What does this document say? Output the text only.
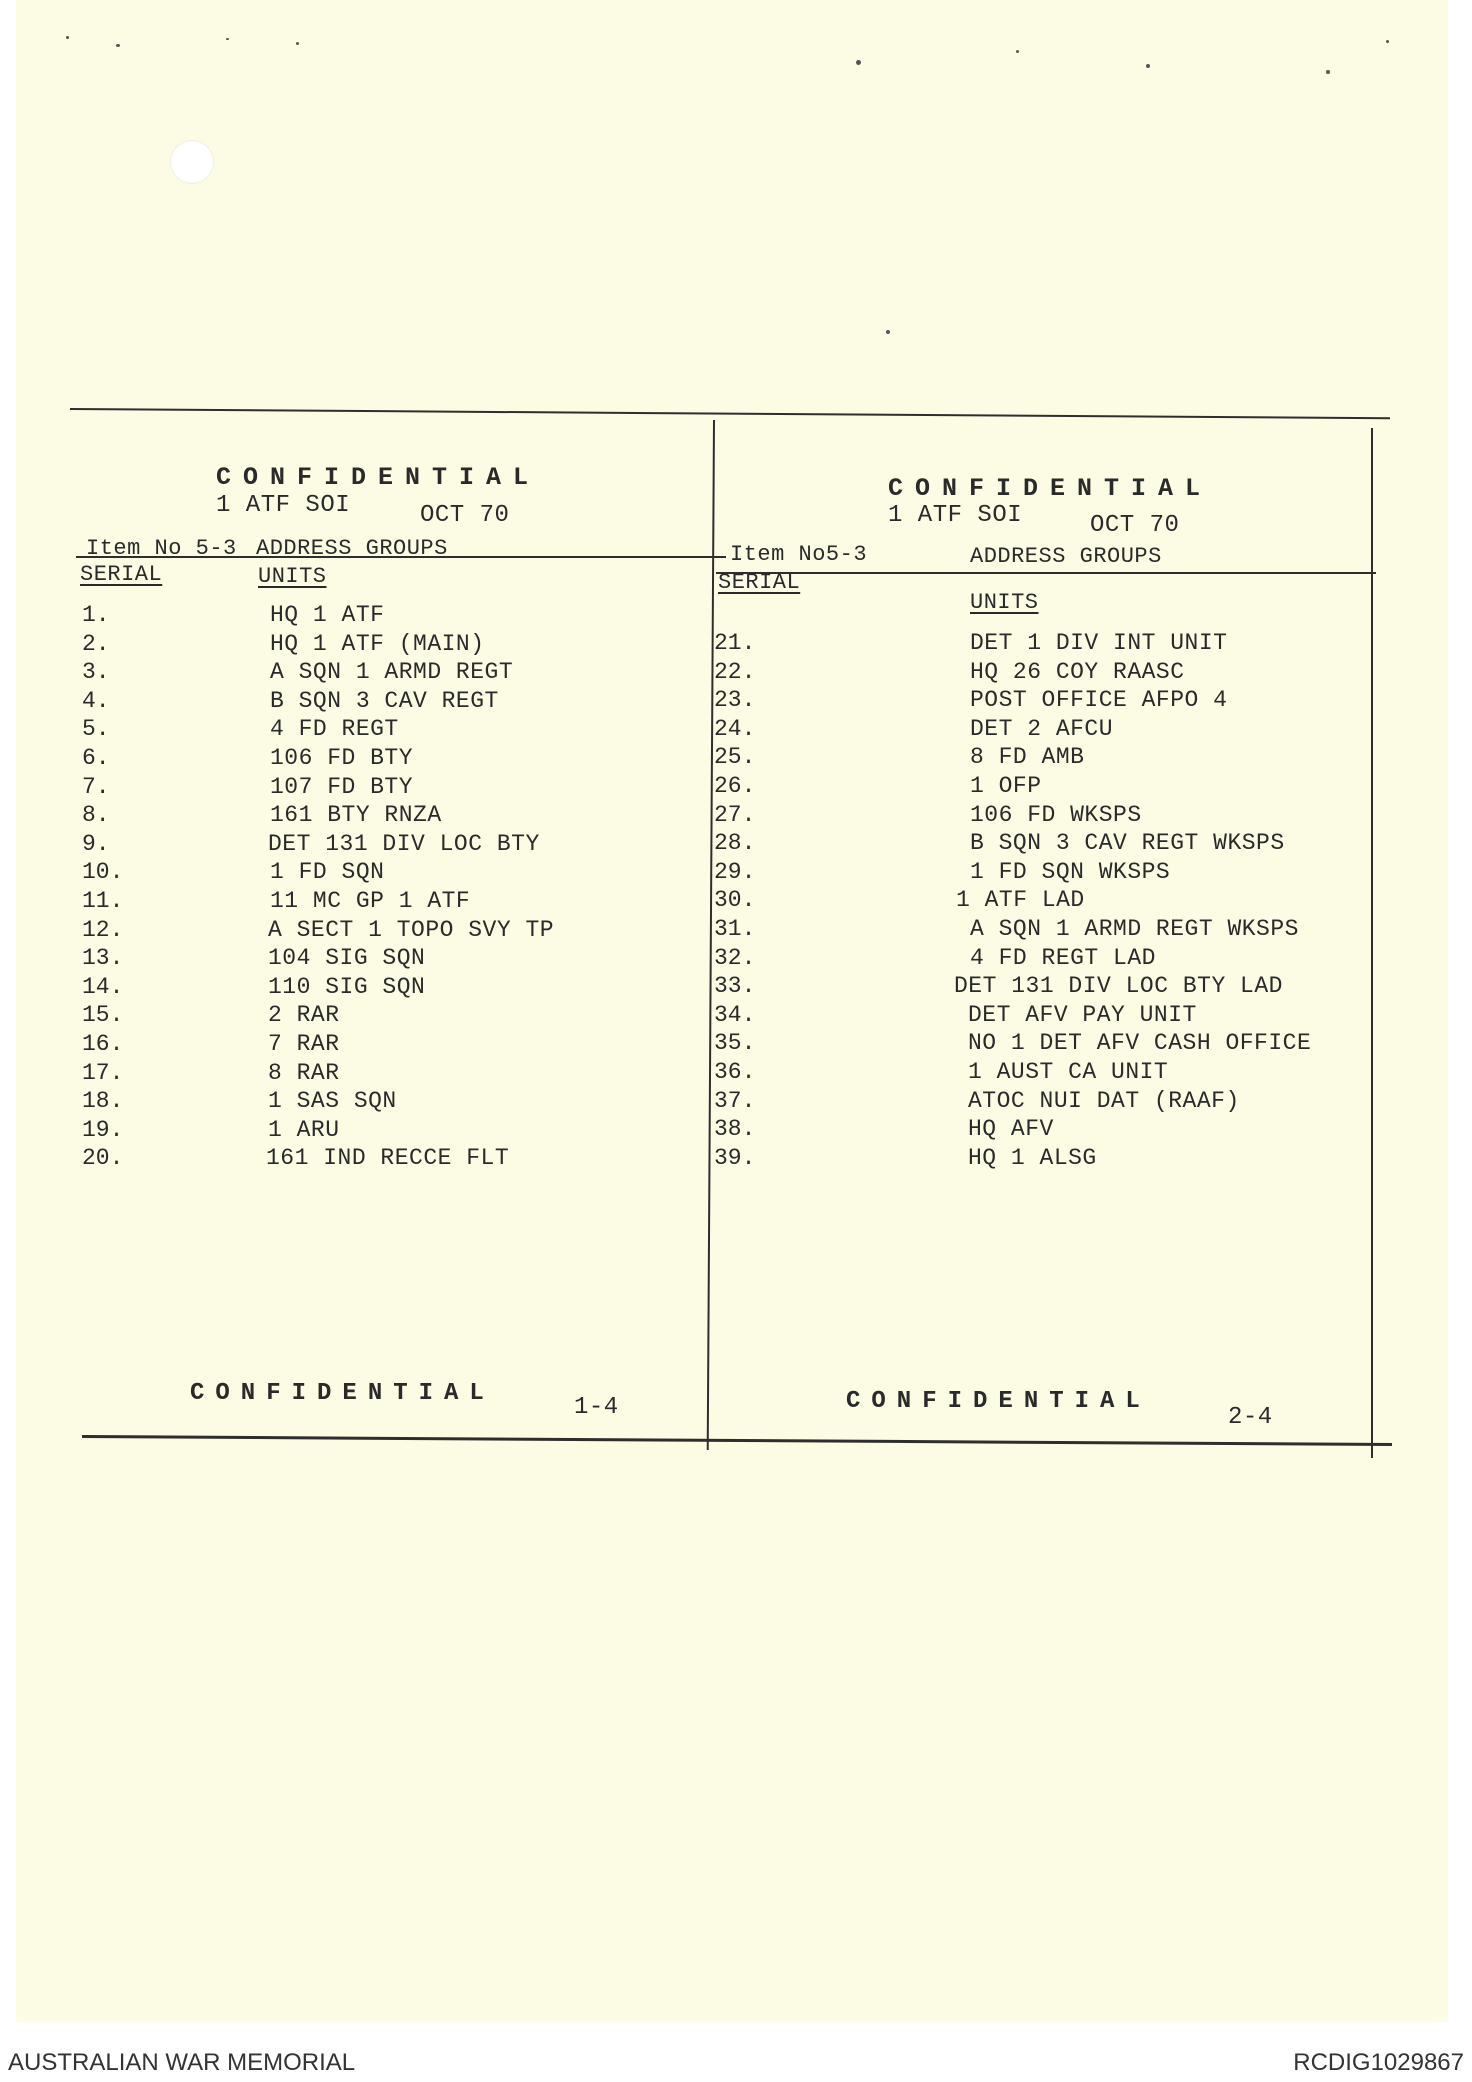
CONFIDENTIAL
1 ATF SOI	OCT 70
Item No 5-3 ADDRESS GROUPS
SERIAL	UNITS
1.	HQ 1 ATF
2.	HQ 1 ATF (MAIN)
3.	A SQN 1 ARMD REGT
4.	B SQN 3 CAV REGT
5.	4 FD REGT
6.	106 FD BTY
7.	107 FD BTY
8.	161 BTY RNZA
9.	DET 131 DIV LOC BTY
10.	1 FD SQN
11.	11 MC GP 1 ATF
12.	A SECT 1 TOPO SVY TP
13.	104 SIG SQN
14.	110 SIG SQN
15.	2 RAR
16.	7 RAR
17.	8 RAR
18.	1 SAS SQN
19.	1 ARU
20.	161 IND RECCE FLT
CONFIDENTIAL
1-4
CONFIDENTIAL
1 ATF SOI	OCT 70
Item No5-3	ADDRESS GROUPS
SERIAL
UNITS
21.	DET 1 DIV INT UNIT
22.	HQ 26 COY RAASC
23.	POST OFFICE AFPO 4
24.	DET 2 AFCU
25.	8 FD AMB
26.	1 OFP
27.	106 FD WKSPS
28.	B SQN 3 CAV REGT WKSPS
29.	1 FD SQN WKSPS
30.	1 ATF LAD
31.	A SQN 1 ARMD REGT WKSPS
32.	4 FD REGT LAD
33.	DET 131 DIV LOC BTY LAD
34.	DET AFV PAY UNIT
35.	NO 1 DET AFV CASH OFFICE
36.	1 AUST CA UNIT
37.	ATOC NUI DAT (RAAF)
38.	HQ AFV
39.	HQ 1 ALSG
CONFIDENTIAL
2-4
AUSTRALIAN WAR MEMORIAL	RCDIG1029867
